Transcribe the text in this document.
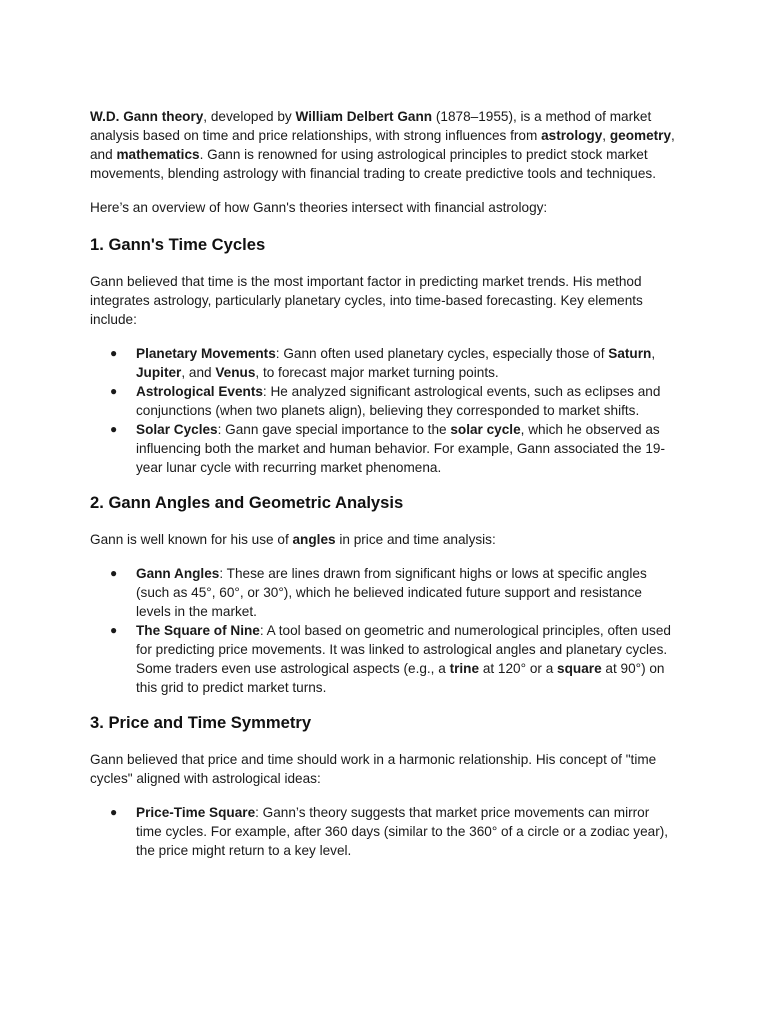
W.D. Gann theory, developed by William Delbert Gann (1878–1955), is a method of market analysis based on time and price relationships, with strong influences from astrology, geometry, and mathematics. Gann is renowned for using astrological principles to predict stock market movements, blending astrology with financial trading to create predictive tools and techniques.

Here’s an overview of how Gann's theories intersect with financial astrology:

1. Gann's Time Cycles

Gann believed that time is the most important factor in predicting market trends. His method integrates astrology, particularly planetary cycles, into time-based forecasting. Key elements include:

● Planetary Movements: Gann often used planetary cycles, especially those of Saturn, Jupiter, and Venus, to forecast major market turning points.
● Astrological Events: He analyzed significant astrological events, such as eclipses and conjunctions (when two planets align), believing they corresponded to market shifts.
● Solar Cycles: Gann gave special importance to the solar cycle, which he observed as influencing both the market and human behavior. For example, Gann associated the 19-year lunar cycle with recurring market phenomena.
2. Gann Angles and Geometric Analysis

Gann is well known for his use of angles in price and time analysis:

● Gann Angles: These are lines drawn from significant highs or lows at specific angles (such as 45°, 60°, or 30°), which he believed indicated future support and resistance levels in the market.
● The Square of Nine: A tool based on geometric and numerological principles, often used for predicting price movements. It was linked to astrological angles and planetary cycles. Some traders even use astrological aspects (e.g., a trine at 120° or a square at 90°) on this grid to predict market turns.
3. Price and Time Symmetry

Gann believed that price and time should work in a harmonic relationship. His concept of "time cycles" aligned with astrological ideas:

● Price-Time Square: Gann’s theory suggests that market price movements can mirror time cycles. For example, after 360 days (similar to the 360° of a circle or a zodiac year), the price might return to a key level.
